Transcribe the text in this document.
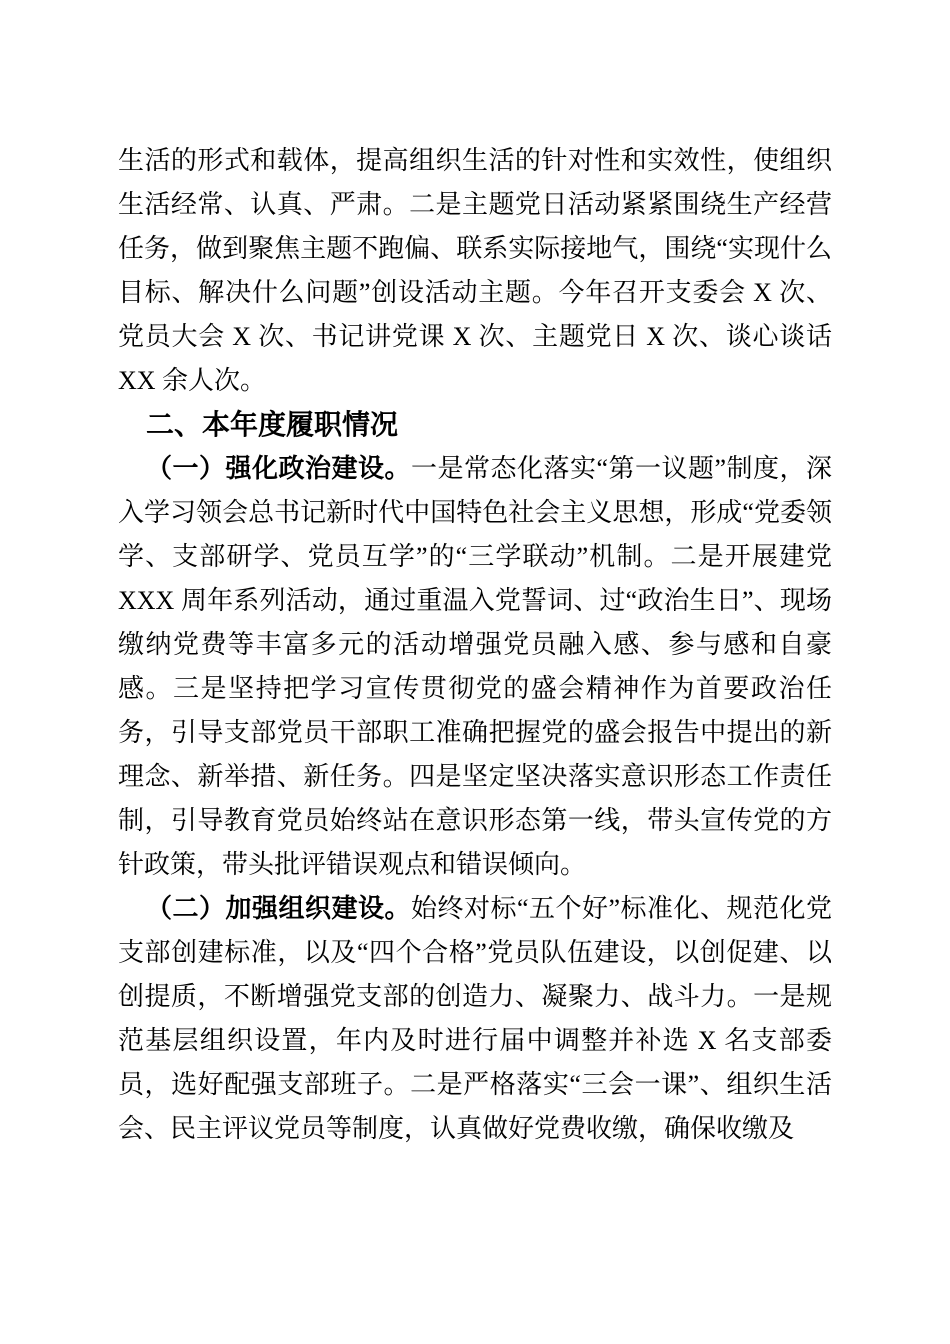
生活的形式和载体，提高组织生活的针对性和实效性，使组织生活经常、认真、严肃。二是主题党日活动紧紧围绕生产经营任务，做到聚焦主题不跑偏、联系实际接地气，围绕“实现什么目标、解决什么问题”创设活动主题。今年召开支委会 X 次、党员大会 X 次、书记讲党课 X 次、主题党日 X 次、谈心谈话 XX 余人次。

二、本年度履职情况

（一）强化政治建设。一是常态化落实“第一议题”制度，深入学习领会总书记新时代中国特色社会主义思想，形成“党委领学、支部研学、党员互学”的“三学联动”机制。二是开展建党 XXX 周年系列活动，通过重温入党誓词、过“政治生日”、现场缴纳党费等丰富多元的活动增强党员融入感、参与感和自豪感。三是坚持把学习宣传贯彻党的盛会精神作为首要政治任务，引导支部党员干部职工准确把握党的盛会报告中提出的新理念、新举措、新任务。四是坚定坚决落实意识形态工作责任制，引导教育党员始终站在意识形态第一线，带头宣传党的方针政策，带头批评错误观点和错误倾向。

（二）加强组织建设。始终对标“五个好”标准化、规范化党支部创建标准，以及“四个合格”党员队伍建设，以创促建、以创提质，不断增强党支部的创造力、凝聚力、战斗力。一是规范基层组织设置，年内及时进行届中调整并补选 X 名支部委员，选好配强支部班子。二是严格落实“三会一课”、组织生活会、民主评议党员等制度，认真做好党费收缴，确保收缴及
